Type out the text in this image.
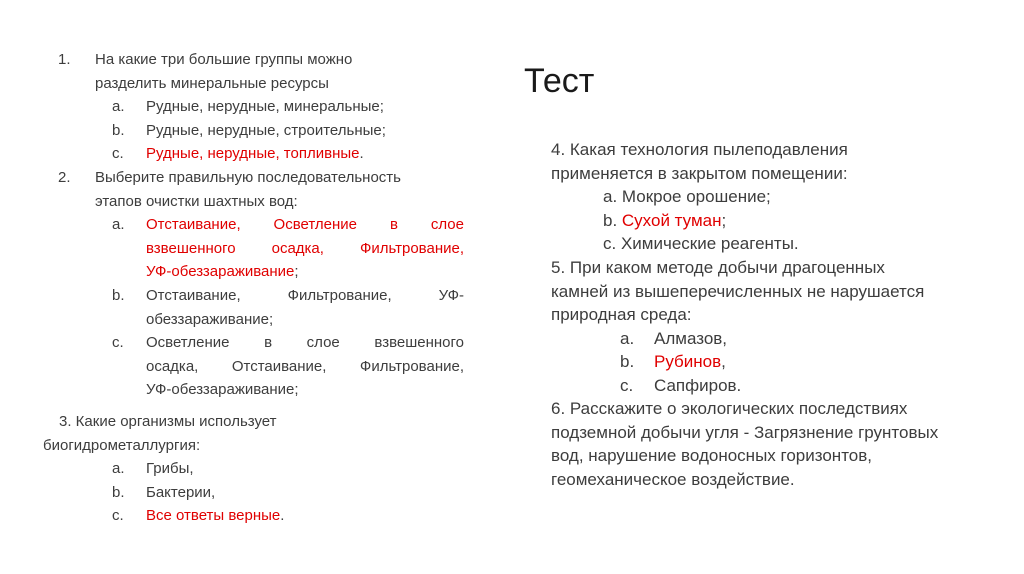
Тест
1. На какие три большие группы можно
разделить минеральные ресурсы
a. Рудные, нерудные, минеральные;
b. Рудные, нерудные, строительные;
c. Рудные, нерудные, топливные.
2. Выберите правильную последовательность
этапов очистки шахтных вод:
a. Отстаивание, Осветление в слое
взвешенного осадка, Фильтрование,
УФ-обеззараживание;
b. Отстаивание, Фильтрование, УФ-
обеззараживание;
c. Осветление в слое взвешенного
осадка, Отстаивание, Фильтрование,
УФ-обеззараживание;
3. Какие организмы использует
биогидрометаллургия:
a. Грибы,
b. Бактерии,
c. Все ответы верные.
4. Какая технология пылеподавления
применяется в закрытом помещении:
a. Мокрое орошение;
b. Сухой туман;
c. Химические реагенты.
5. При каком методе добычи драгоценных
камней из вышеперечисленных не нарушается
природная среда:
a. Алмазов,
b. Рубинов,
c. Сапфиров.
6. Расскажите о экологических последствиях
подземной добычи угля - Загрязнение грунтовых
вод, нарушение водоносных горизонтов,
геомеханическое воздействие.
